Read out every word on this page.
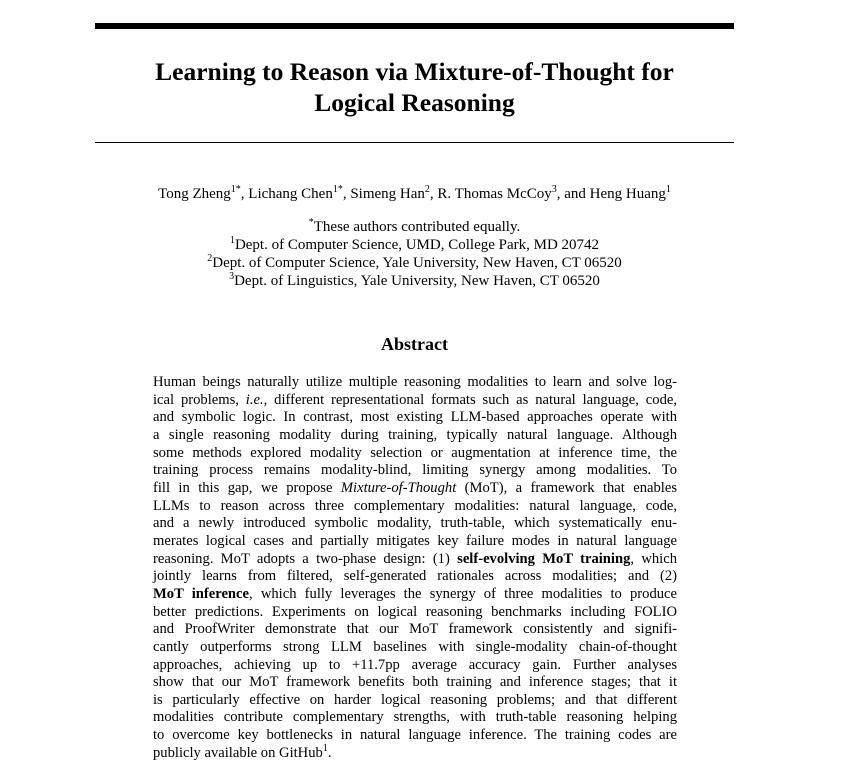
Learning to Reason via Mixture-of-Thought for
Logical Reasoning
Tong Zheng$^{1*}$, Lichang Chen$^{1*}$, Simeng Han$^2$, R. Thomas McCoy$^3$, and Heng Huang$^1$
*These authors contributed equally.
$^1$Dept. of Computer Science, UMD, College Park, MD 20742
$^2$Dept. of Computer Science, Yale University, New Haven, CT 06520
$^3$Dept. of Linguistics, Yale University, New Haven, CT 06520
Abstract
Human beings naturally utilize multiple reasoning modalities to learn and solve log-
ical problems, i.e., different representational formats such as natural language, code,
and symbolic logic. In contrast, most existing LLM-based approaches operate with
a single reasoning modality during training, typically natural language. Although
some methods explored modality selection or augmentation at inference time, the
training process remains modality-blind, limiting synergy among modalities. To
fill in this gap, we propose Mixture-of-Thought (MoT), a framework that enables
LLMs to reason across three complementary modalities: natural language, code,
and a newly introduced symbolic modality, truth-table, which systematically enu-
merates logical cases and partially mitigates key failure modes in natural language
reasoning. MoT adopts a two-phase design: (1) self-evolving MoT training, which
jointly learns from filtered, self-generated rationales across modalities; and (2)
MoT inference, which fully leverages the synergy of three modalities to produce
better predictions. Experiments on logical reasoning benchmarks including FOLIO
and ProofWriter demonstrate that our MoT framework consistently and signifi-
cantly outperforms strong LLM baselines with single-modality chain-of-thought
approaches, achieving up to +11.7pp average accuracy gain. Further analyses
show that our MoT framework benefits both training and inference stages; that it
is particularly effective on harder logical reasoning problems; and that different
modalities contribute complementary strengths, with truth-table reasoning helping
to overcome key bottlenecks in natural language inference. The training codes are
publicly available on GitHub$^1$.
